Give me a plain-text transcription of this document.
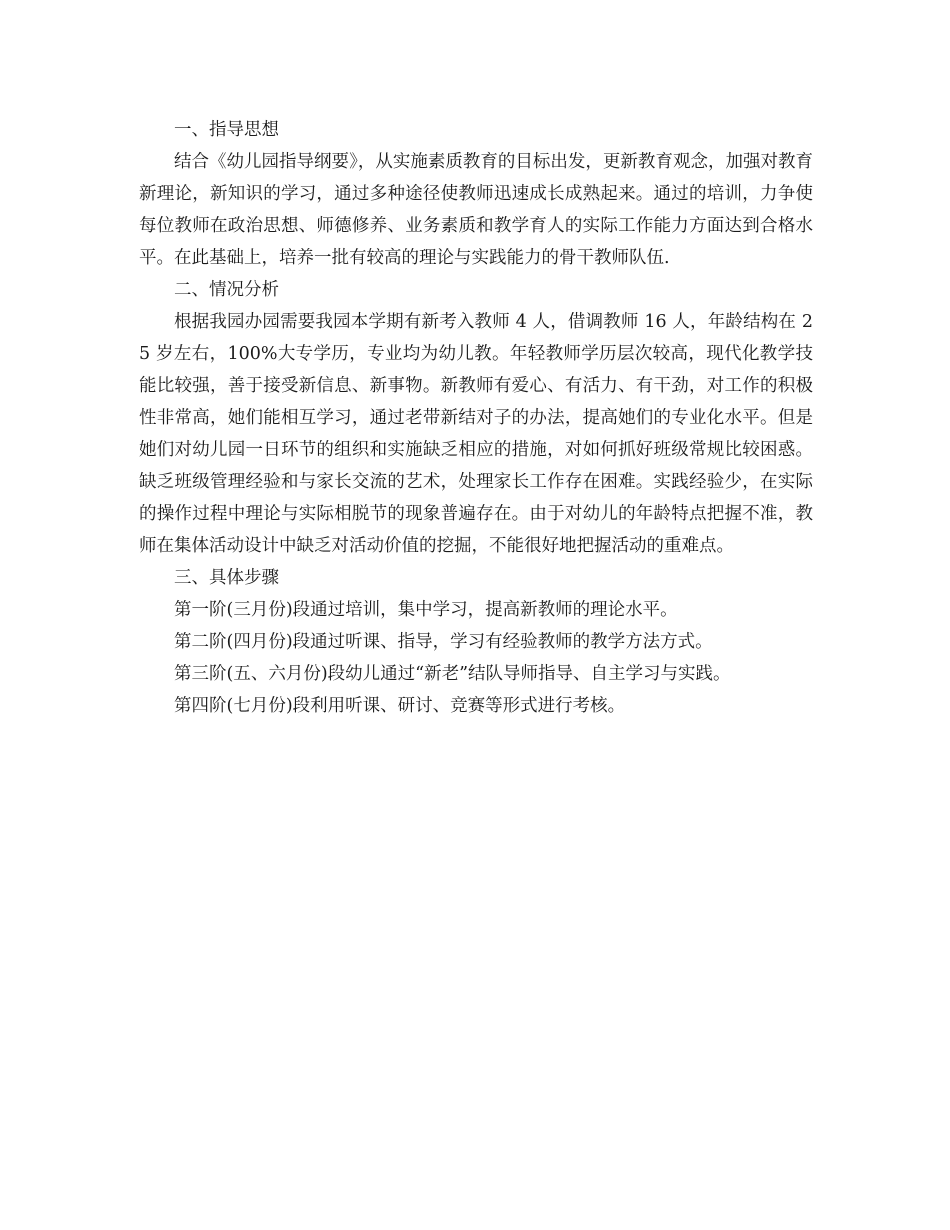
一、指导思想

结合《幼儿园指导纲要》，从实施素质教育的目标出发，更新教育观念，加强对教育新理论，新知识的学习，通过多种途径使教师迅速成长成熟起来。通过的培训，力争使每位教师在政治思想、师德修养、业务素质和教学育人的实际工作能力方面达到合格水平。在此基础上，培养一批有较高的理论与实践能力的骨干教师队伍.

二、情况分析

根据我园办园需要我园本学期有新考入教师 4 人，借调教师 16 人，年龄结构在 25 岁左右，100%大专学历，专业均为幼儿教。年轻教师学历层次较高，现代化教学技能比较强，善于接受新信息、新事物。新教师有爱心、有活力、有干劲，对工作的积极性非常高，她们能相互学习，通过老带新结对子的办法，提高她们的专业化水平。但是她们对幼儿园一日环节的组织和实施缺乏相应的措施，对如何抓好班级常规比较困惑。缺乏班级管理经验和与家长交流的艺术，处理家长工作存在困难。实践经验少，在实际的操作过程中理论与实际相脱节的现象普遍存在。由于对幼儿的年龄特点把握不准，教师在集体活动设计中缺乏对活动价值的挖掘，不能很好地把握活动的重难点。

三、具体步骤

第一阶(三月份)段通过培训，集中学习，提高新教师的理论水平。

第二阶(四月份)段通过听课、指导，学习有经验教师的教学方法方式。

第三阶(五、六月份)段幼儿通过“新老”结队导师指导、自主学习与实践。

第四阶(七月份)段利用听课、研讨、竞赛等形式进行考核。
